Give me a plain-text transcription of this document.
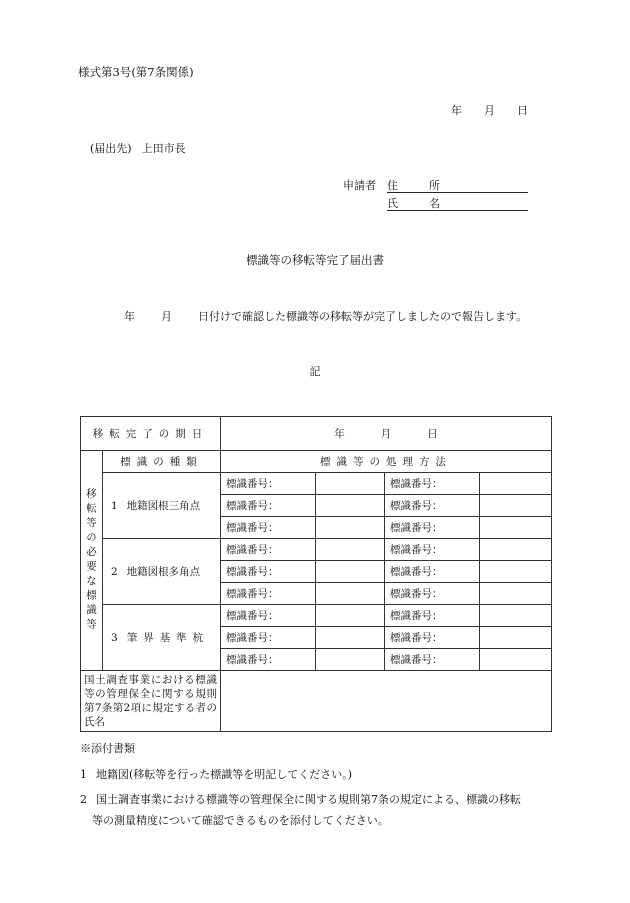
様式第3号(第7条関係)
年 月 日
(届出先) 上田市長
申請者 住　所
氏　名
標識等の移転等完了届出書
年 月 日付けで確認した標識等の移転等が完了しましたので報告します。
記
移転完了の期日		年 月 日			
移転等の必要な標識等	標識の種類	標識等の処理方法			
	1 地籍図根三角点	標識番号：		標識番号：	
		標識番号：		標識番号：	
		標識番号：		標識番号：	
	2 地籍図根多角点	標識番号：		標識番号：	
		標識番号：		標識番号：	
		標識番号：		標識番号：	
	3 筆界基準杭	標識番号：		標識番号：	
		標識番号：		標識番号：	
		標識番号：		標識番号：	
国土調査事業における標識等の管理保全に関する規則第7条第2項に規定する者の氏名					
※添付書類
1 地籍図(移転等を行った標識等を明記してください。)
2 国土調査事業における標識等の管理保全に関する規則第7条の規定による、標識の移転
等の測量精度について確認できるものを添付してください。
